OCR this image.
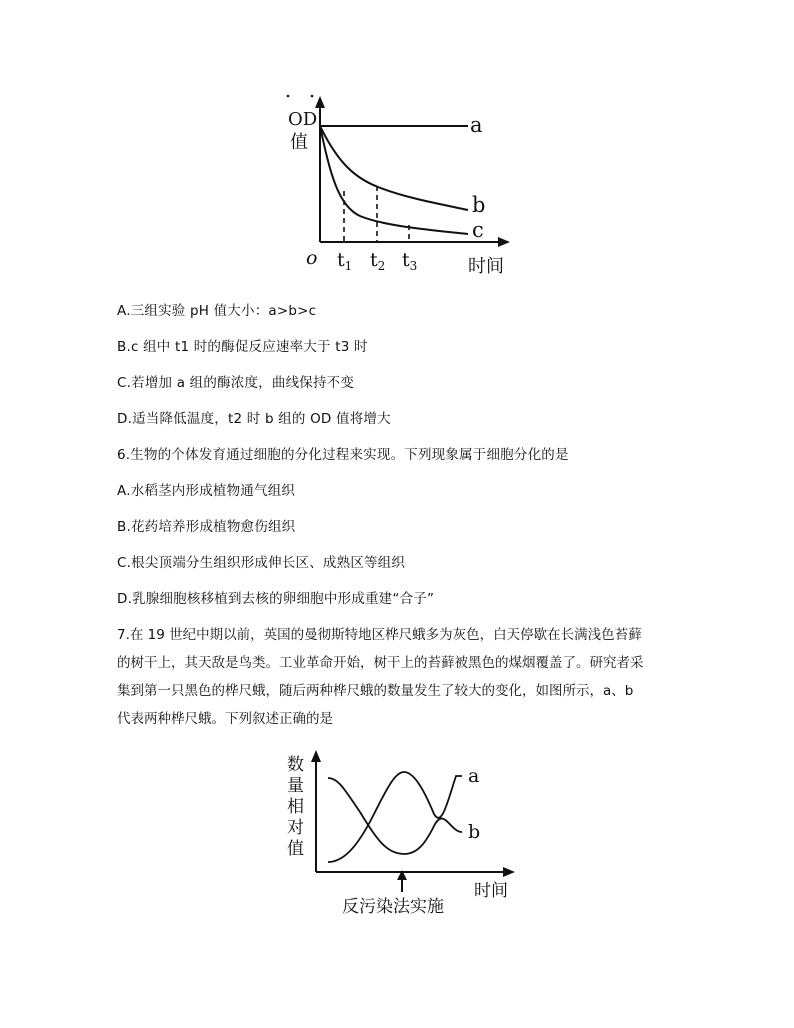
OD
值
a
b
c
o $t_1$ $t_2$ $t_3$	时间
A.三组实验 pH 值大小：a>b>c
B.c 组中 t1 时的酶促反应速率大于 t3 时
C.若增加 a 组的酶浓度，曲线保持不变
D.适当降低温度，t2 时 b 组的 OD 值将增大
6.生物的个体发育通过细胞的分化过程来实现。下列现象属于细胞分化的是
A.水稻茎内形成植物通气组织
B.花药培养形成植物愈伤组织
C.根尖顶端分生组织形成伸长区、成熟区等组织
D.乳腺细胞核移植到去核的卵细胞中形成重建“合子”
7.在 19 世纪中期以前，英国的曼彻斯特地区桦尺蛾多为灰色，白天停歇在长满浅色苔藓
的树干上，其天敌是鸟类。工业革命开始，树干上的苔藓被黑色的煤烟覆盖了。研究者采
集到第一只黑色的桦尺蛾，随后两种桦尺蛾的数量发生了较大的变化，如图所示，a、b
代表两种桦尺蛾。下列叙述正确的是
数
量
相
对
值
a
b
时间
反污染法实施
